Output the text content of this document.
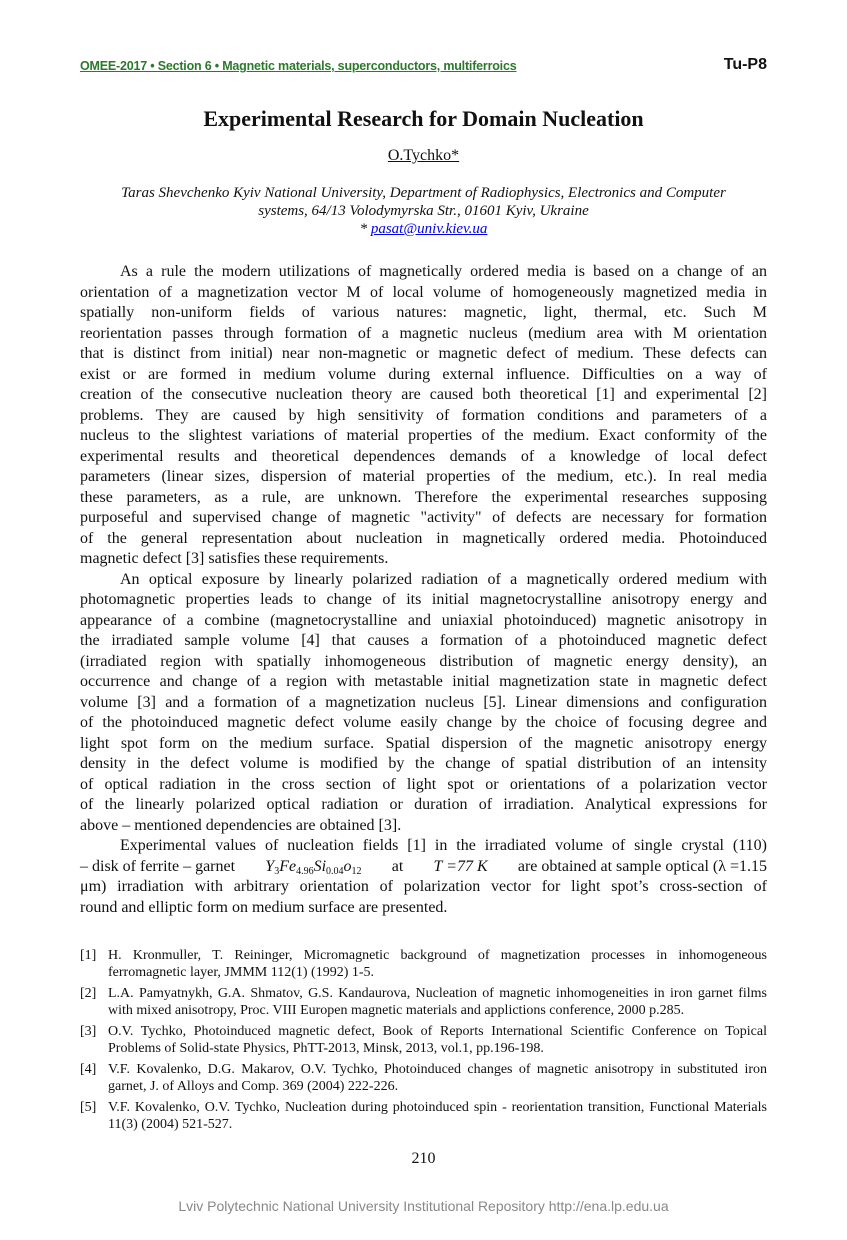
OMEE-2017 • Section 6 • Magnetic materials, superconductors, multiferroics	Tu-P8
Experimental Research for Domain Nucleation
O.Tychko*
Taras Shevchenko Kyiv National University, Department of Radiophysics, Electronics and Computer
systems, 64/13 Volodymyrska Str., 01601 Kyiv, Ukraine
* pasat@univ.kiev.ua
As a rule the modern utilizations of magnetically ordered media is based on a change of an
orientation of a magnetization vector M of local volume of homogeneously magnetized media in
spatially non-uniform fields of various natures: magnetic, light, thermal, etc. Such M
reorientation passes through formation of a magnetic nucleus (medium area with M orientation
that is distinct from initial) near non-magnetic or magnetic defect of medium. These defects can
exist or are formed in medium volume during external influence. Difficulties on a way of
creation of the consecutive nucleation theory are caused both theoretical [1] and experimental [2]
problems. They are caused by high sensitivity of formation conditions and parameters of a
nucleus to the slightest variations of material properties of the medium. Exact conformity of the
experimental results and theoretical dependences demands of a knowledge of local defect
parameters (linear sizes, dispersion of material properties of the medium, etc.). In real media
these parameters, as a rule, are unknown. Therefore the experimental researches supposing
purposeful and supervised change of magnetic "activity" of defects are necessary for formation
of the general representation about nucleation in magnetically ordered media. Photoinduced
magnetic defect [3] satisfies these requirements.
An optical exposure by linearly polarized radiation of a magnetically ordered medium with
photomagnetic properties leads to change of its initial magnetocrystalline anisotropy energy and
appearance of a combine (magnetocrystalline and uniaxial photoinduced) magnetic anisotropy in
the irradiated sample volume [4] that causes a formation of a photoinduced magnetic defect
(irradiated region with spatially inhomogeneous distribution of magnetic energy density), an
occurrence and change of a region with metastable initial magnetization state in magnetic defect
volume [3] and a formation of a magnetization nucleus [5]. Linear dimensions and configuration
of the photoinduced magnetic defect volume easily change by the choice of focusing degree and
light spot form on the medium surface. Spatial dispersion of the magnetic anisotropy energy
density in the defect volume is modified by the change of spatial distribution of an intensity
of optical radiation in the cross section of light spot or orientations of a polarization vector
of the linearly polarized optical radiation or duration of irradiation. Analytical expressions for
above – mentioned dependencies are obtained [3].
Experimental values of nucleation fields [1] in the irradiated volume of single crystal (110)
– disk of ferrite – garnet $Y_3Fe_{4.96}Si_{0.04}o_{12}$ at T =77 K are obtained at sample optical (λ =1.15
μm) irradiation with arbitrary orientation of polarization vector for light spot’s cross-section of
round and elliptic form on medium surface are presented.
[1] H. Kronmuller, T. Reininger, Micromagnetic background of magnetization processes in inhomogeneous ferromagnetic layer, JMMM 112(1) (1992) 1-5.
[2] L.A. Pamyatnykh, G.A. Shmatov, G.S. Kandaurova, Nucleation of magnetic inhomogeneities in iron garnet films with mixed anisotropy, Proc. VIII Europen magnetic materials and applictions conference, 2000 p.285.
[3] O.V. Tychko, Photoinduced magnetic defect, Book of Reports International Scientific Conference on Topical Problems of Solid-state Physics, PhTT-2013, Minsk, 2013, vol.1, pp.196-198.
[4] V.F. Kovalenko, D.G. Makarov, O.V. Tychko, Photoinduced changes of magnetic anisotropy in substituted iron garnet, J. of Alloys and Comp. 369 (2004) 222-226.
[5] V.F. Kovalenko, O.V. Tychko, Nucleation during photoinduced spin - reorientation transition, Functional Materials 11(3) (2004) 521-527.
210
Lviv Polytechnic National University Institutional Repository http://ena.lp.edu.ua
